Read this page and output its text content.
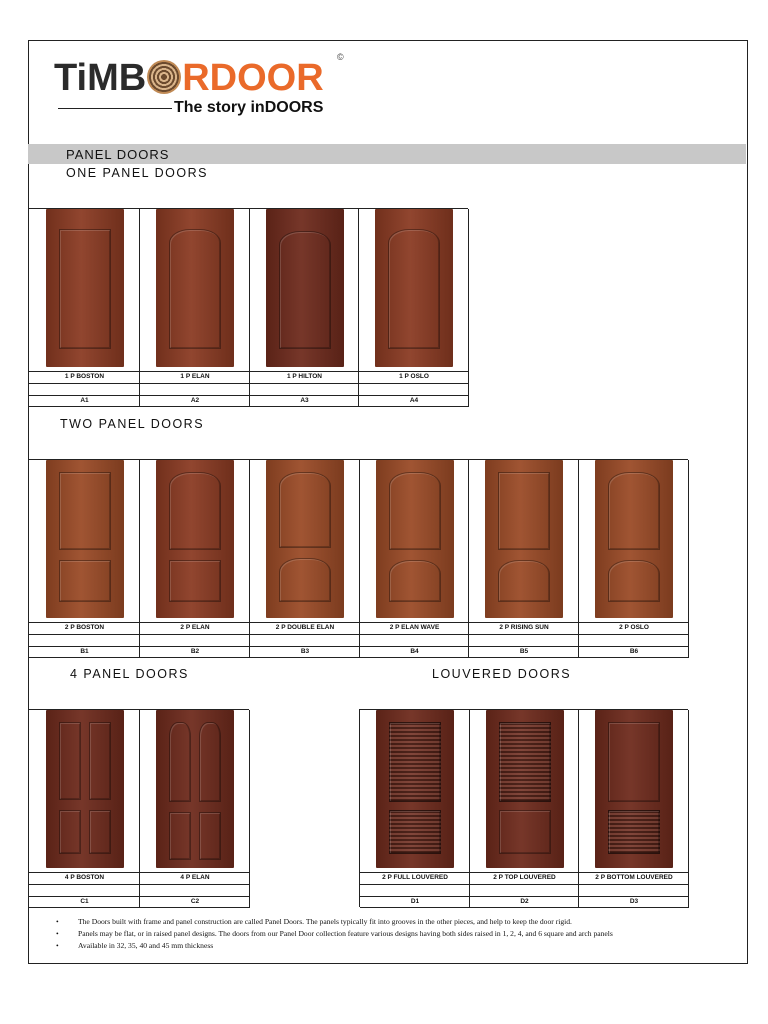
TiMB RDOOR ©
The story inDOORS
PANEL DOORS
ONE PANEL DOORS
TWO PANEL DOORS
4 PANEL DOORS	LOUVERED DOORS
1 P BOSTON
A1
1 P ELAN
A2
1 P HILTON
A3
1 P OSLO
A4
2 P BOSTON
B1
2 P ELAN
B2
2 P DOUBLE ELAN
B3
2 P ELAN WAVE
B4
2 P RISING SUN
B5
2 P OSLO
B6
4 P BOSTON
C1
4 P ELAN
C2
2 P FULL LOUVERED
D1
2 P TOP LOUVERED
D2
2 P BOTTOM LOUVERED
D3
• The Doors built with frame and panel construction are called Panel Doors. The panels typically fit into grooves in the other pieces, and help to keep the door rigid.
• Panels may be flat, or in raised panel designs. The doors from our Panel Door collection feature various designs having both sides raised in 1, 2, 4, and 6 square and arch panels
• Available in 32, 35, 40 and 45 mm thickness
